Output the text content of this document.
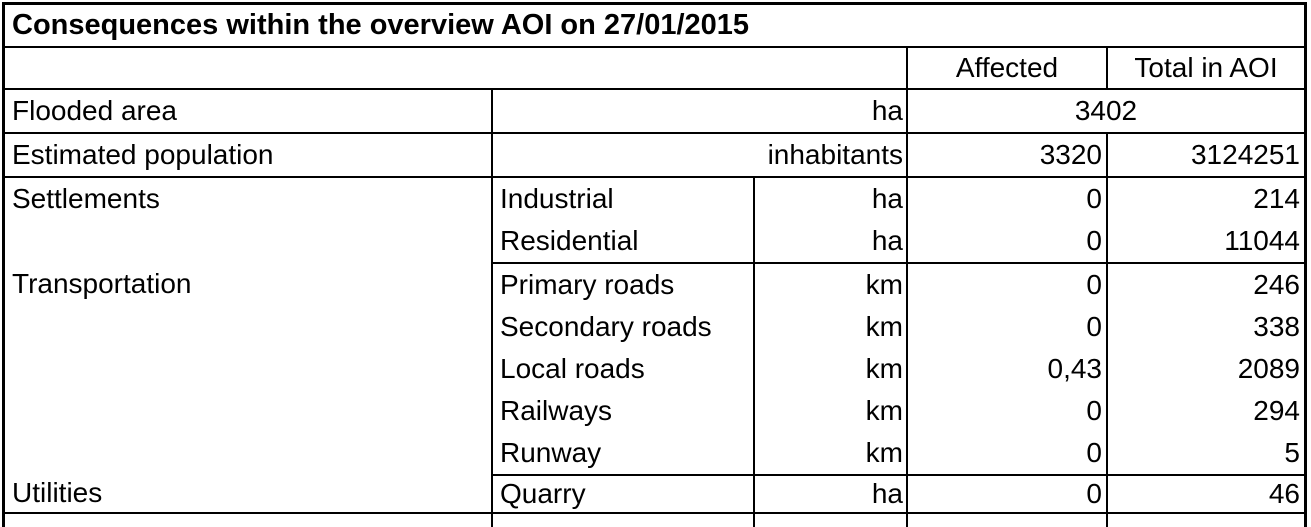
Consequences within the overview AOI on 27/01/2015				
			Affected	Total in AOI
Flooded area	ha		3402	
Estimated population	inhabitants		3320	3124251
Settlements	Industrial	ha	0	214
	Residential	ha	0	11044
Transportation	Primary roads	km	0	246
	Secondary roads	km	0	338
	Local roads	km	0,43	2089
	Railways	km	0	294
	Runway	km	0	5
Utilities	Quarry	ha	0	46
